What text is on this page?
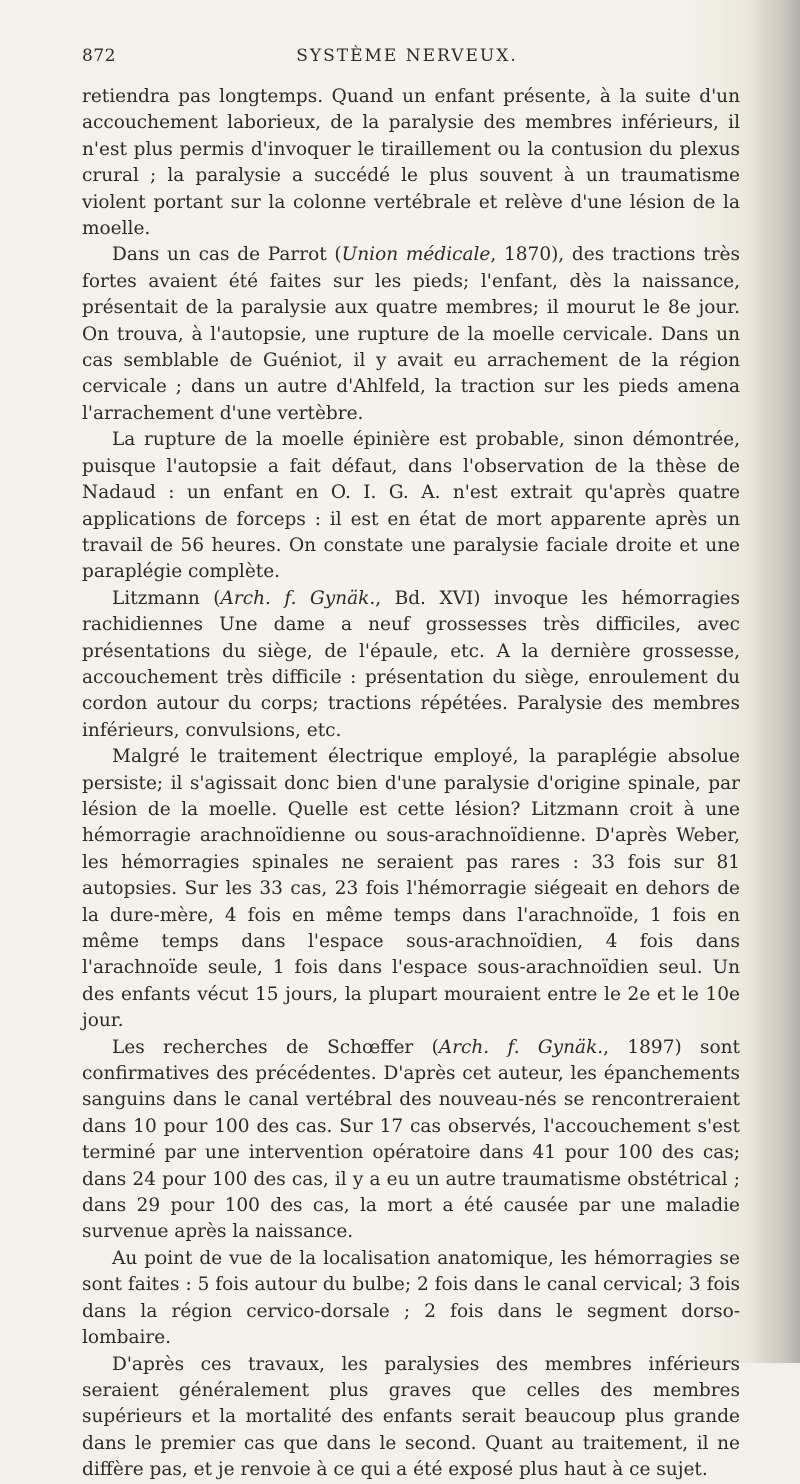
872	SYSTÈME NERVEUX.

retiendra pas longtemps. Quand un enfant présente, à la suite d'un accouchement laborieux, de la paralysie des membres inférieurs, il n'est plus permis d'invoquer le tiraillement ou la contusion du plexus crural ; la paralysie a succédé le plus souvent à un traumatisme violent portant sur la colonne vertébrale et relève d'une lésion de la moelle.

Dans un cas de Parrot (Union médicale, 1870), des tractions très fortes avaient été faites sur les pieds; l'enfant, dès la naissance, présentait de la paralysie aux quatre membres; il mourut le 8e jour. On trouva, à l'autopsie, une rupture de la moelle cervicale. Dans un cas semblable de Guéniot, il y avait eu arrachement de la région cervicale ; dans un autre d'Ahlfeld, la traction sur les pieds amena l'arrachement d'une vertèbre.

La rupture de la moelle épinière est probable, sinon démontrée, puisque l'autopsie a fait défaut, dans l'observation de la thèse de Nadaud : un enfant en O. I. G. A. n'est extrait qu'après quatre applications de forceps : il est en état de mort apparente après un travail de 56 heures. On constate une paralysie faciale droite et une paraplégie complète.

Litzmann (Arch. f. Gynäk., Bd. XVI) invoque les hémorragies rachidiennes Une dame a neuf grossesses très difficiles, avec présentations du siège, de l'épaule, etc. A la dernière grossesse, accouchement très difficile : présentation du siège, enroulement du cordon autour du corps; tractions répétées. Paralysie des membres inférieurs, convulsions, etc.

Malgré le traitement électrique employé, la paraplégie absolue persiste; il s'agissait donc bien d'une paralysie d'origine spinale, par lésion de la moelle. Quelle est cette lésion? Litzmann croit à une hémorragie arachnoïdienne ou sous-arachnoïdienne. D'après Weber, les hémorragies spinales ne seraient pas rares : 33 fois sur 81 autopsies. Sur les 33 cas, 23 fois l'hémorragie siégeait en dehors de la dure-mère, 4 fois en même temps dans l'arachnoïde, 1 fois en même temps dans l'espace sous-arachnoïdien, 4 fois dans l'arachnoïde seule, 1 fois dans l'espace sous-arachnoïdien seul. Un des enfants vécut 15 jours, la plupart mouraient entre le 2e et le 10e jour.

Les recherches de Schœffer (Arch. f. Gynäk., 1897) sont confirmatives des précédentes. D'après cet auteur, les épanchements sanguins dans le canal vertébral des nouveau-nés se rencontreraient dans 10 pour 100 des cas. Sur 17 cas observés, l'accouchement s'est terminé par une intervention opératoire dans 41 pour 100 des cas; dans 24 pour 100 des cas, il y a eu un autre traumatisme obstétrical ; dans 29 pour 100 des cas, la mort a été causée par une maladie survenue après la naissance.

Au point de vue de la localisation anatomique, les hémorragies se sont faites : 5 fois autour du bulbe; 2 fois dans le canal cervical; 3 fois dans la région cervico-dorsale ; 2 fois dans le segment dorso-lombaire.

D'après ces travaux, les paralysies des membres inférieurs seraient généralement plus graves que celles des membres supérieurs et la mortalité des enfants serait beaucoup plus grande dans le premier cas que dans le second. Quant au traitement, il ne diffère pas, et je renvoie à ce qui a été exposé plus haut à ce sujet.
